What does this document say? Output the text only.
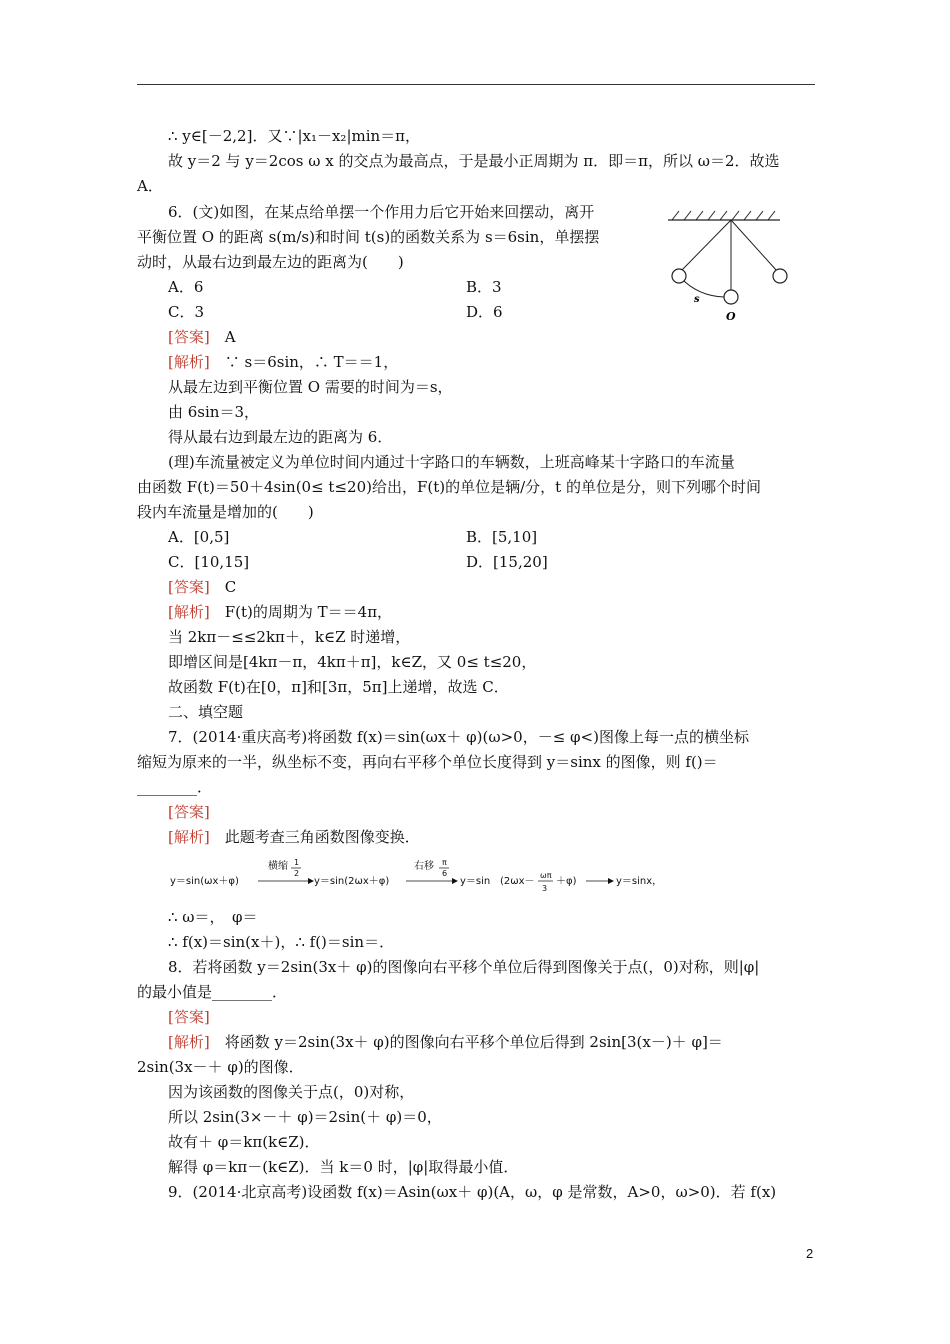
∴ y∈[－2,2]．又∵|x₁－x₂|min＝π，
故 y＝2 与 y＝2cos ω x 的交点为最高点，于是最小正周期为 π．即＝π，所以 ω＝2．故选
A．
6．(文)如图，在某点给单摆一个作用力后它开始来回摆动，离开
平衡位置 O 的距离 s(m/s)和时间 t(s)的函数关系为 s＝6sin，单摆摆
动时，从最右边到最左边的距离为(　　)
s
O
A．6	B．3
C．3	D．6
[答案]　 A
[解析]　 ∵ s＝6sin，∴ T＝＝1，
从最左边到平衡位置 O 需要的时间为＝s，
由 6sin＝3，
得从最右边到最左边的距离为 6．
(理)车流量被定义为单位时间内通过十字路口的车辆数，上班高峰某十字路口的车流量
由函数 F(t)＝50＋4sin(0≤ t≤20)给出，F(t)的单位是辆/分，t 的单位是分，则下列哪个时间
段内车流量是增加的(　　)
A．[0,5]	B．[5,10]
C．[10,15]	D．[15,20]
[答案]　 C
[解析]　 F(t)的周期为 T＝＝4π，
当 2kπ－≤≤2kπ＋，k∈Z 时递增，
即增区间是[4kπ－π，4kπ＋π]，k∈Z，又 0≤ t≤20，
故函数 F(t)在[0，π]和[3π，5π]上递增，故选 C．
二、填空题
7．(2014·重庆高考)将函数 f(x)＝sin(ωx＋ φ)(ω>0，－≤ φ<)图像上每一点的横坐标
缩短为原来的一半，纵坐标不变，再向右平移个单位长度得到 y＝sinx 的图像，则 f()＝
________．
[答案]
[解析]　 此题考查三角函数图像变换．
y＝sin(ωx＋φ)
横缩 1
2
y＝sin(2ωx＋φ)
右移 π
6
y＝sin (2ωx－
ωπ
3
＋φ)	y＝sinx，
∴ ω＝，　φ＝
∴ f(x)＝sin(x＋)，∴ f()＝sin＝．
8．若将函数 y＝2sin(3x＋ φ)的图像向右平移个单位后得到图像关于点(，0)对称，则|φ|
的最小值是________．
[答案]
[解析]　 将函数 y＝2sin(3x＋ φ)的图像向右平移个单位后得到 2sin[3(x－)＋ φ]＝
2sin(3x－＋ φ)的图像．
因为该函数的图像关于点(，0)对称，
所以 2sin(3×－＋ φ)＝2sin(＋ φ)＝0，
故有＋ φ＝kπ(k∈Z)．
解得 φ＝kπ－(k∈Z)．当 k＝0 时，|φ|取得最小值．
9．(2014·北京高考)设函数 f(x)＝Asin(ωx＋ φ)(A，ω，φ 是常数，A>0，ω>0)．若 f(x)
2
